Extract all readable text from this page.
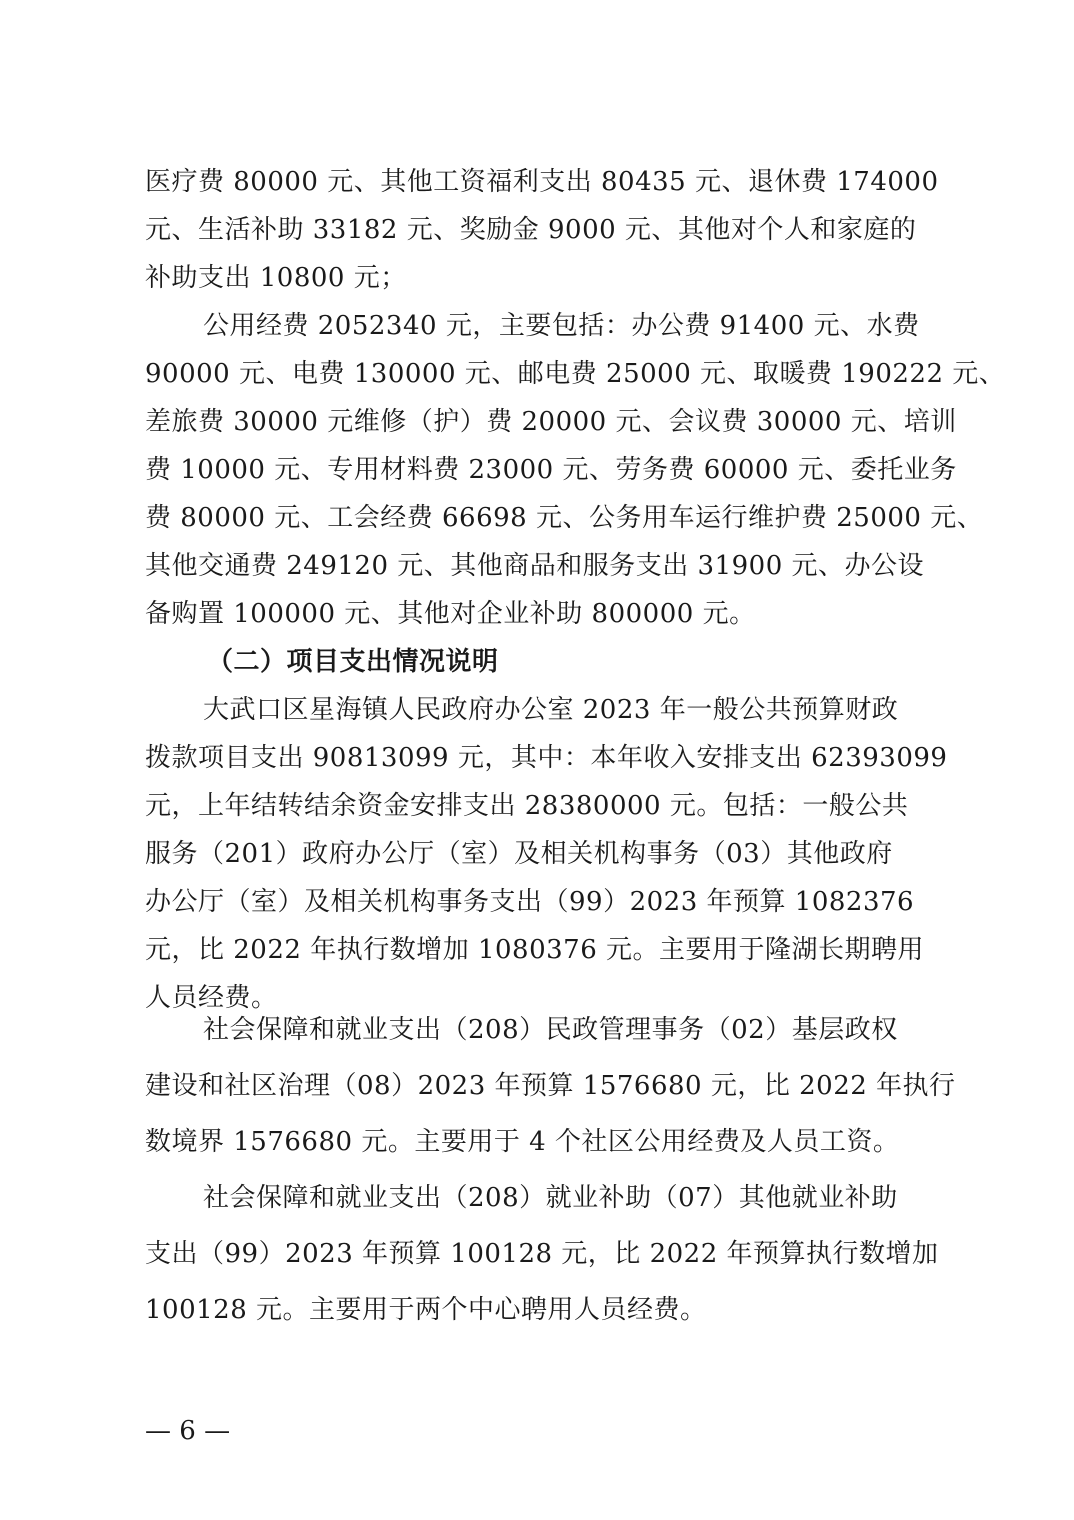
医疗费 80000 元、其他工资福利支出 80435 元、退休费 174000
元、生活补助 33182 元、奖励金 9000 元、其他对个人和家庭的
补助支出 10800 元；
公用经费 2052340 元，主要包括：办公费 91400 元、水费
90000 元、电费 130000 元、邮电费 25000 元、取暖费 190222 元、
差旅费 30000 元维修（护）费 20000 元、会议费 30000 元、培训
费 10000 元、专用材料费 23000 元、劳务费 60000 元、委托业务
费 80000 元、工会经费 66698 元、公务用车运行维护费 25000 元、
其他交通费 249120 元、其他商品和服务支出 31900 元、办公设
备购置 100000 元、其他对企业补助 800000 元。
（二）项目支出情况说明
大武口区星海镇人民政府办公室 2023 年一般公共预算财政
拨款项目支出 90813099 元，其中：本年收入安排支出 62393099
元，上年结转结余资金安排支出 28380000 元。包括：一般公共
服务（201）政府办公厅（室）及相关机构事务（03）其他政府
办公厅（室）及相关机构事务支出（99）2023 年预算 1082376
元，比 2022 年执行数增加 1080376 元。主要用于隆湖长期聘用
人员经费。
社会保障和就业支出（208）民政管理事务（02）基层政权
建设和社区治理（08）2023 年预算 1576680 元，比 2022 年执行
数境界 1576680 元。主要用于 4 个社区公用经费及人员工资。
社会保障和就业支出（208）就业补助（07）其他就业补助
支出（99）2023 年预算 100128 元，比 2022 年预算执行数增加
100128 元。主要用于两个中心聘用人员经费。
— 6 —
